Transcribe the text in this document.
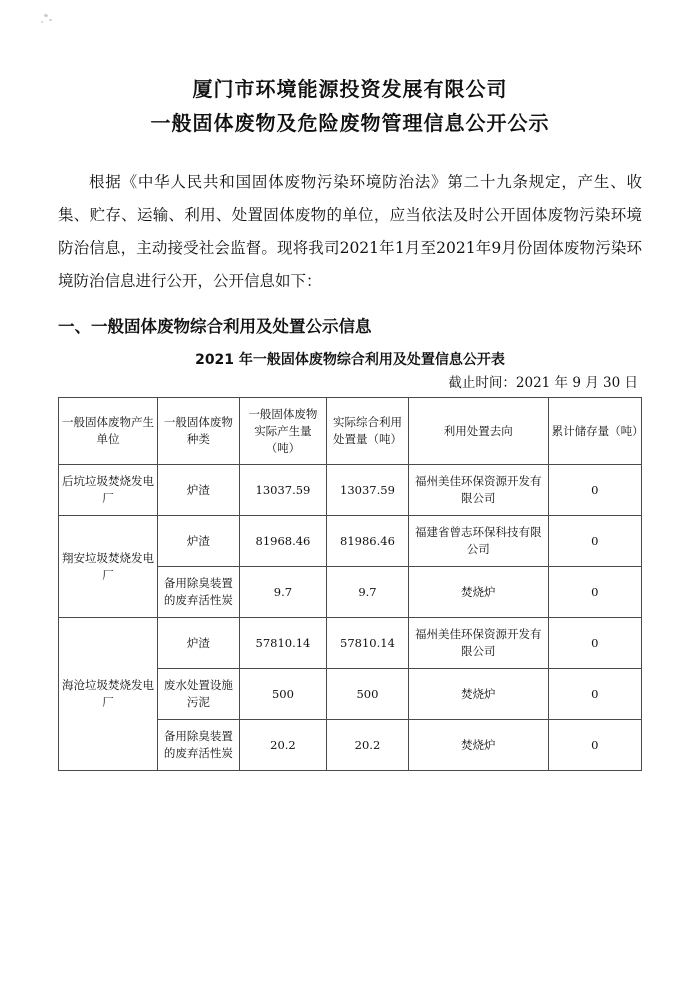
厦门市环境能源投资发展有限公司
一般固体废物及危险废物管理信息公开公示
根据《中华人民共和国固体废物污染环境防治法》第二十九条规定，产生、收集、贮存、运输、利用、处置固体废物的单位，应当依法及时公开固体废物污染环境防治信息，主动接受社会监督。现将我司2021年1月至2021年9月份固体废物污染环境防治信息进行公开，公开信息如下：
一、一般固体废物综合利用及处置公示信息
2021 年一般固体废物综合利用及处置信息公开表
截止时间：2021 年 9 月 30 日
一般固体废物产生单位	一般固体废物种类	一般固体废物实际产生量（吨）	实际综合利用处置量（吨）	利用处置去向	累计储存量（吨）
后坑垃圾焚烧发电厂	炉渣	13037.59	13037.59	福州美佳环保资源开发有限公司	0
翔安垃圾焚烧发电厂	炉渣	81968.46	81986.46	福建省曾志环保科技有限公司	0
	备用除臭装置的废弃活性炭	9.7	9.7	焚烧炉	0
海沧垃圾焚烧发电厂	炉渣	57810.14	57810.14	福州美佳环保资源开发有限公司	0
	废水处置设施污泥	500	500	焚烧炉	0
	备用除臭装置的废弃活性炭	20.2	20.2	焚烧炉	0
